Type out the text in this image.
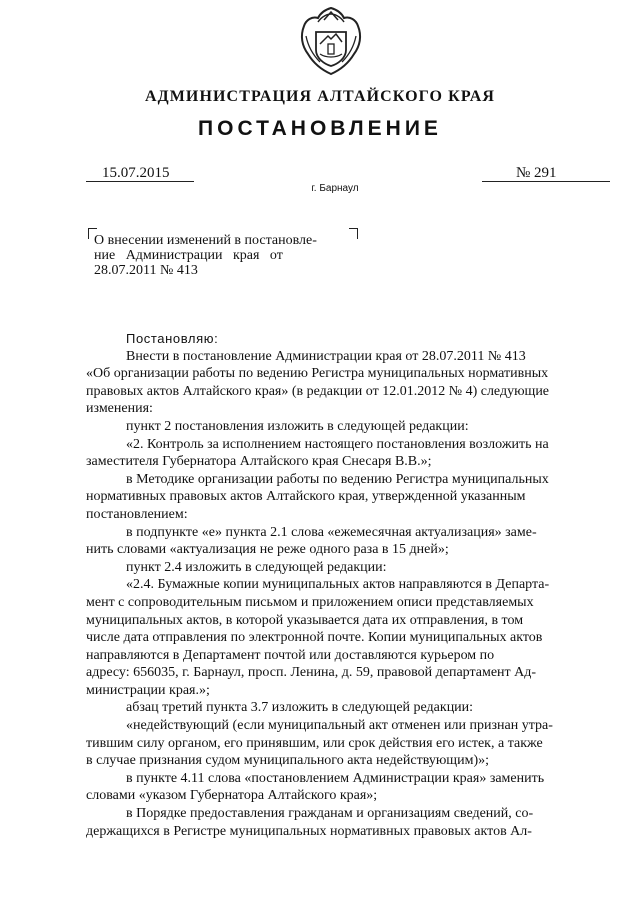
АДМИНИСТРАЦИЯ АЛТАЙСКОГО КРАЯ
ПОСТАНОВЛЕНИЕ
15.07.2015	№ 291
г. Барнаул
О внесении изменений в постановле-
ние   Администрации   края   от
28.07.2011 № 413
Постановляю:
Внести в постановление Администрации края от 28.07.2011 № 413
«Об организации работы по ведению Регистра муниципальных нормативных
правовых актов Алтайского края» (в редакции от 12.01.2012 № 4) следующие
изменения:
пункт 2 постановления изложить в следующей редакции:
«2. Контроль за исполнением настоящего постановления возложить на
заместителя Губернатора Алтайского края Снесаря В.В.»;
в Методике организации работы по ведению Регистра муниципальных
нормативных правовых актов Алтайского края, утвержденной указанным
постановлением:
в подпункте «е» пункта 2.1 слова «ежемесячная актуализация» заме-
нить словами «актуализация не реже одного раза в 15 дней»;
пункт 2.4 изложить в следующей редакции:
«2.4. Бумажные копии муниципальных актов направляются в Департа-
мент с сопроводительным письмом и приложением описи представляемых
муниципальных актов, в которой указывается дата их отправления, в том
числе дата отправления по электронной почте. Копии муниципальных актов
направляются в Департамент почтой или доставляются курьером по
адресу: 656035, г. Барнаул, просп. Ленина, д. 59, правовой департамент Ад-
министрации края.»;
абзац третий пункта 3.7 изложить в следующей редакции:
«недействующий (если муниципальный акт отменен или признан утра-
тившим силу органом, его принявшим, или срок действия его истек, а также
в случае признания судом муниципального акта недействующим)»;
в пункте 4.11 слова «постановлением Администрации края» заменить
словами «указом Губернатора Алтайского края»;
в Порядке предоставления гражданам и организациям сведений, со-
держащихся в Регистре муниципальных нормативных правовых актов Ал-
